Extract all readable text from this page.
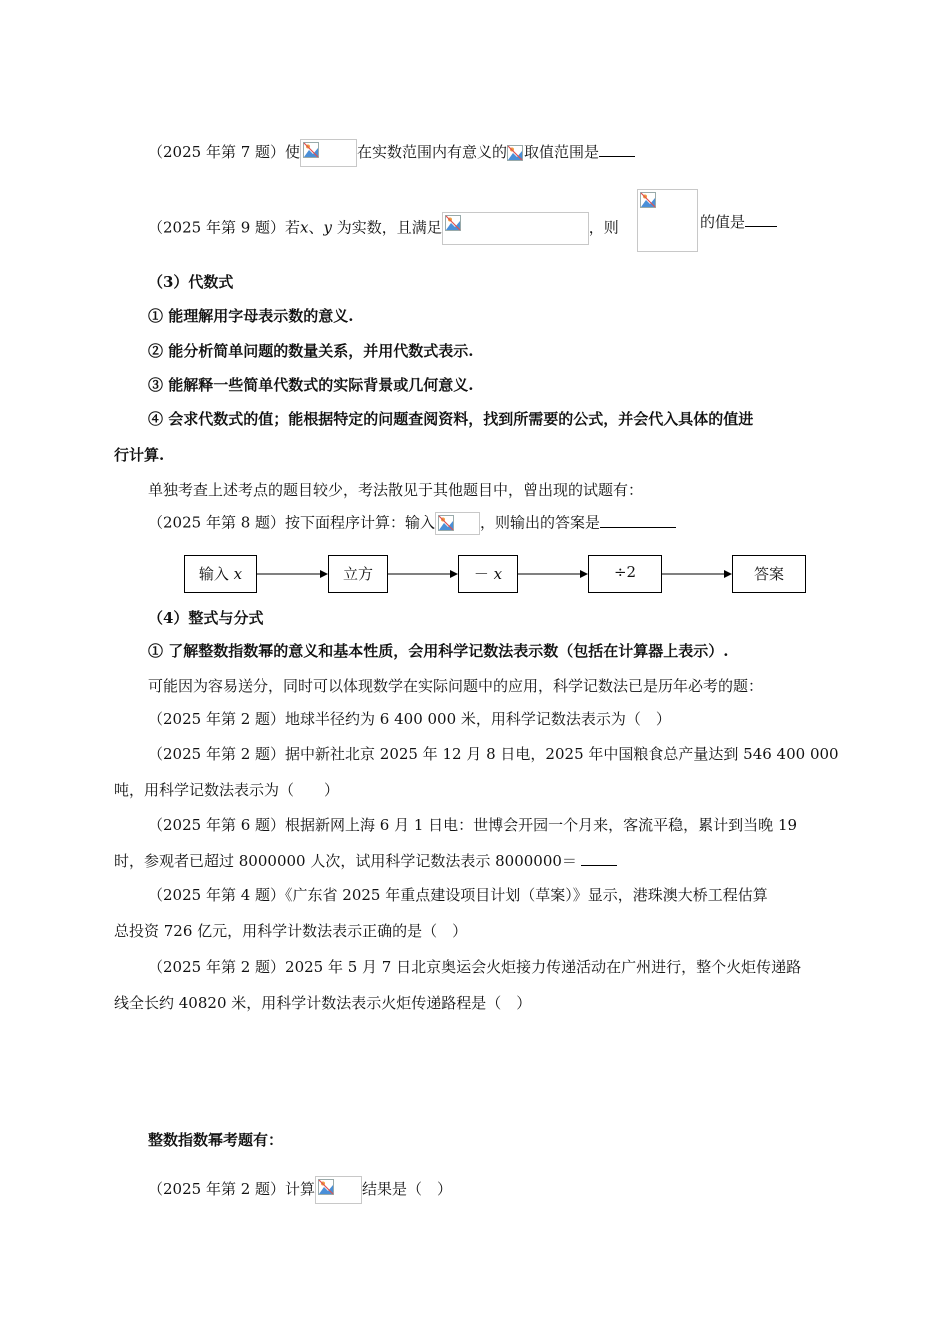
（2025 年第 7 题）使	在实数范围内有意义的 取值范围是
（2025 年第 9 题）若x、y 为实数，且满足	，则	的值是
（3）代数式
① 能理解用字母表示数的意义.
② 能分析简单问题的数量关系，并用代数式表示.
③ 能解释一些简单代数式的实际背景或几何意义.
④ 会求代数式的值；能根据特定的问题查阅资料，找到所需要的公式，并会代入具体的值进
行计算.
单独考查上述考点的题目较少，考法散见于其他题目中，曾出现的试题有：
（2025 年第 8 题）按下面程序计算：输入	，则输出的答案是
输入 x	立方	－ x	÷2	答案
（4）整式与分式
① 了解整数指数幂的意义和基本性质，会用科学记数法表示数（包括在计算器上表示）.
可能因为容易送分，同时可以体现数学在实际问题中的应用，科学记数法已是历年必考的题：
（2025 年第 2 题）地球半径约为 6 400 000 米，用科学记数法表示为（　）
（2025 年第 2 题）据中新社北京 2025 年 12 月 8 日电，2025 年中国粮食总产量达到 546 400 000
吨，用科学记数法表示为（　　）
（2025 年第 6 题）根据新网上海 6 月 1 日电：世博会开园一个月来，客流平稳，累计到当晚 19
时，参观者已超过 8000000 人次，试用科学记数法表示 8000000＝
（2025 年第 4 题）《广东省 2025 年重点建设项目计划（草案）》显示，港珠澳大桥工程估算
总投资 726 亿元，用科学计数法表示正确的是（　）
（2025 年第 2 题）2025 年 5 月 7 日北京奥运会火炬接力传递活动在广州进行，整个火炬传递路
线全长约 40820 米，用科学计数法表示火炬传递路程是（　）
整数指数幂考题有：
（2025 年第 2 题）计算	结果是（　）
